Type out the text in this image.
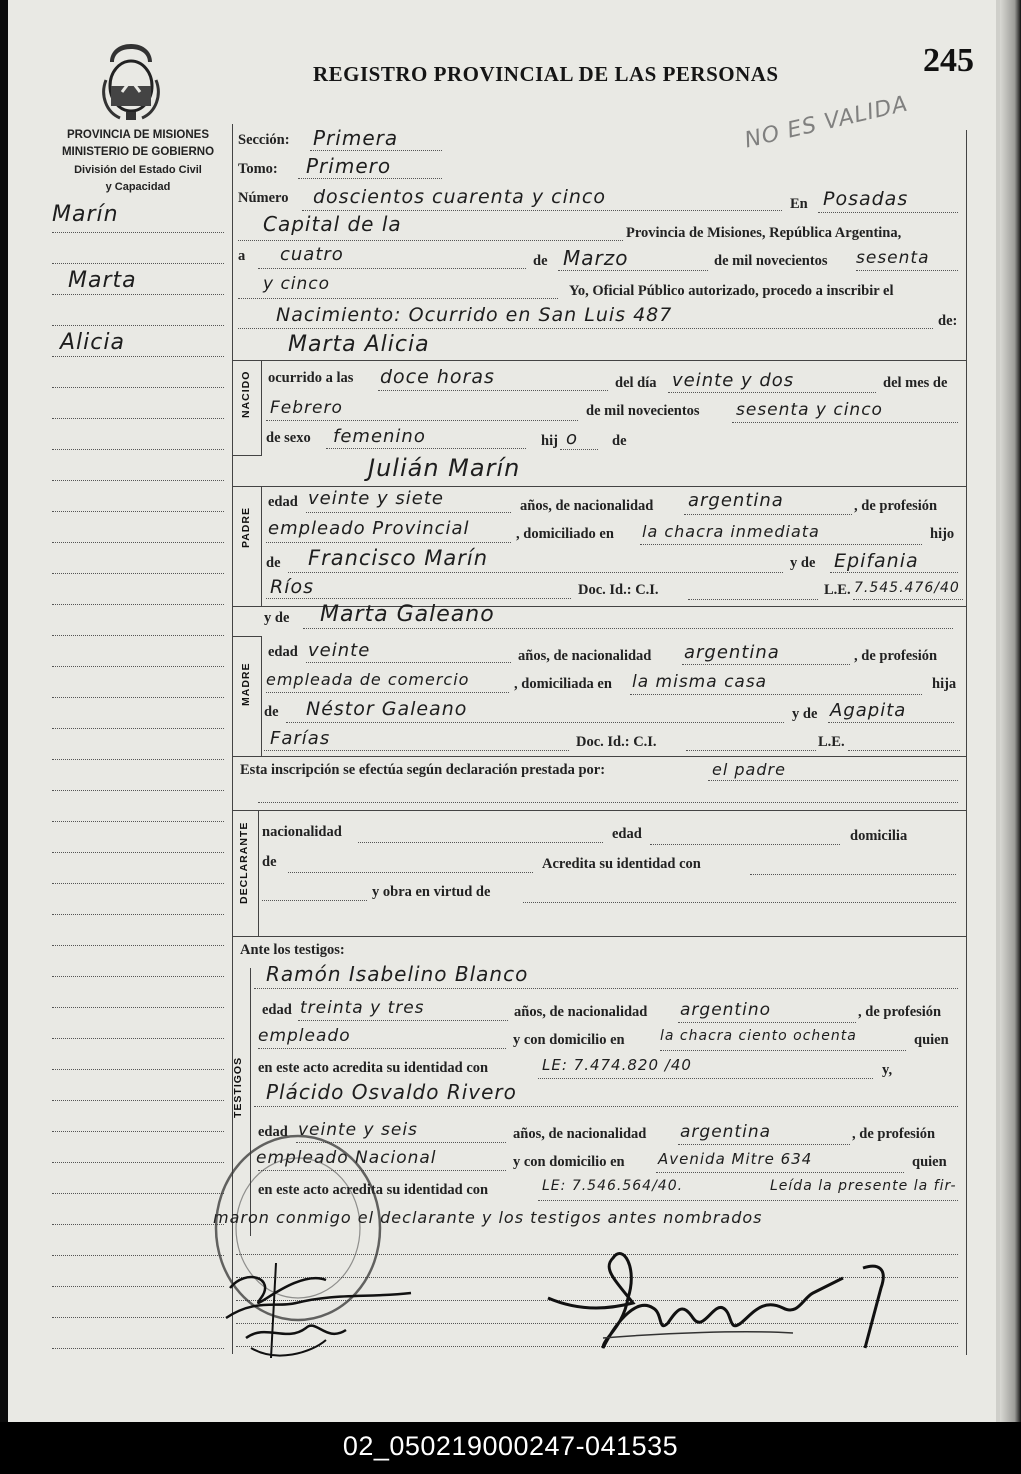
REGISTRO PROVINCIAL DE LAS PERSONAS	245
NO ES VALIDA
PROVINCIA DE MISIONES
MINISTERIO DE GOBIERNO
División del Estado Civil
y Capacidad
Marín
Marta
Alicia
Sección: Primera
Tomo: Primero
Número doscientos cuarenta y cinco	En Posadas
Capital de la	Provincia de Misiones, República Argentina,
a cuatro	de Marzo	de mil novecientos sesenta
y cinco	Yo, Oficial Público autorizado, procedo a inscribir el
Nacimiento: Ocurrido en San Luis 487	de:
NACIDO
Marta Alicia
ocurrido a las doce horas	del día veinte y dos	del mes de
Febrero	de mil novecientos sesenta y cinco
de sexo femenino	hij o de
PADRE
Julián Marín
edad veinte y siete	años, de nacionalidad argentina	, de profesión
empleado Provincial	, domiciliado en la chacra inmediata	hijo
de Francisco Marín	y de Epifania
Ríos	Doc. Id.: C.I.	L.E. 7.545.476/40
MADRE
y de Marta Galeano
edad veinte	años, de nacionalidad argentina	, de profesión
empleada de comercio	, domiciliada en la misma casa	hija
de Néstor Galeano	y de Agapita
Farías	Doc. Id.: C.I.	L.E.
Esta inscripción se efectúa según declaración prestada por:	el padre
DECLARANTE nacionalidad	edad	domicilia
de	Acredita su identidad con
y obra en virtud de
Ante los testigos:
TESTIGOS
Ramón Isabelino Blanco
edad treinta y tres	años, de nacionalidad argentino	, de profesión
empleado	y con domicilio en	la chacra ciento ochenta	quien
en este acto acredita su identidad con	LE: 7.474.820 /40	y,
Plácido Osvaldo Rivero
edad veinte y seis	años, de nacionalidad argentina	, de profesión
empleado Nacional	y con domicilio en Avenida Mitre 634	quien
en este acto acredita su identidad con	LE: 7.546.564/40.	Leída la presente la fir-
maron conmigo el declarante y los testigos antes nombrados
02_050219000247-041535
